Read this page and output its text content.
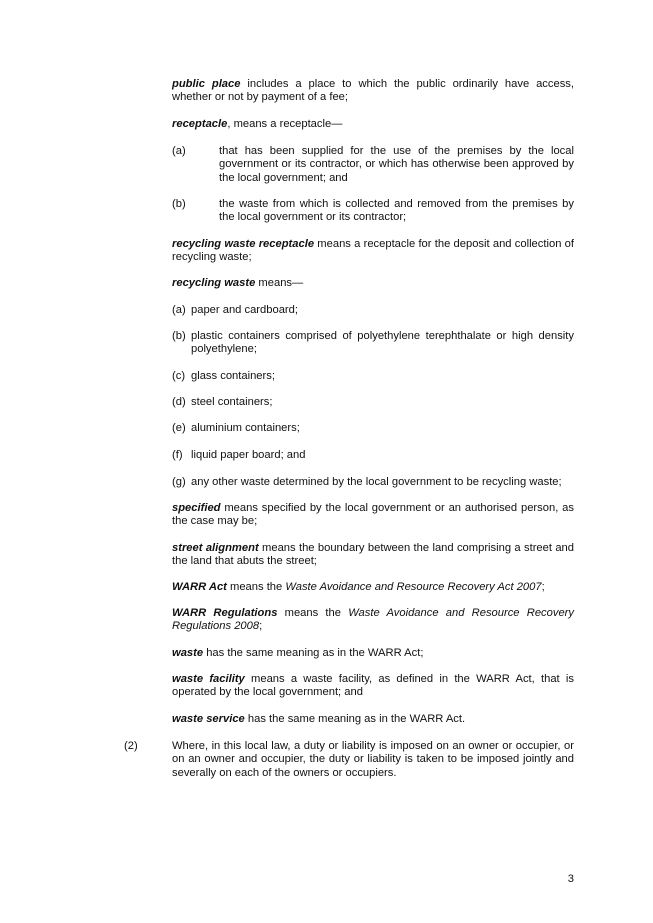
public place includes a place to which the public ordinarily have access, whether or not by payment of a fee;

receptacle, means a receptacle—

(a)	that has been supplied for the use of the premises by the local government or its contractor, or which has otherwise been approved by the local government; and
(b)	the waste from which is collected and removed from the premises by the local government or its contractor;

recycling waste receptacle means a receptacle for the deposit and collection of recycling waste;

recycling waste means—

(a) paper and cardboard;
(b) plastic containers comprised of polyethylene terephthalate or high density polyethylene;
(c) glass containers;
(d) steel containers;
(e) aluminium containers;
(f) liquid paper board; and
(g) any other waste determined by the local government to be recycling waste;

specified means specified by the local government or an authorised person, as the case may be;

street alignment means the boundary between the land comprising a street and the land that abuts the street;

WARR Act means the Waste Avoidance and Resource Recovery Act 2007;

WARR Regulations means the Waste Avoidance and Resource Recovery Regulations 2008;

waste has the same meaning as in the WARR Act;

waste facility means a waste facility, as defined in the WARR Act, that is operated by the local government; and

waste service has the same meaning as in the WARR Act.

(2)	Where, in this local law, a duty or liability is imposed on an owner or occupier, or on an owner and occupier, the duty or liability is taken to be imposed jointly and severally on each of the owners or occupiers.
3
